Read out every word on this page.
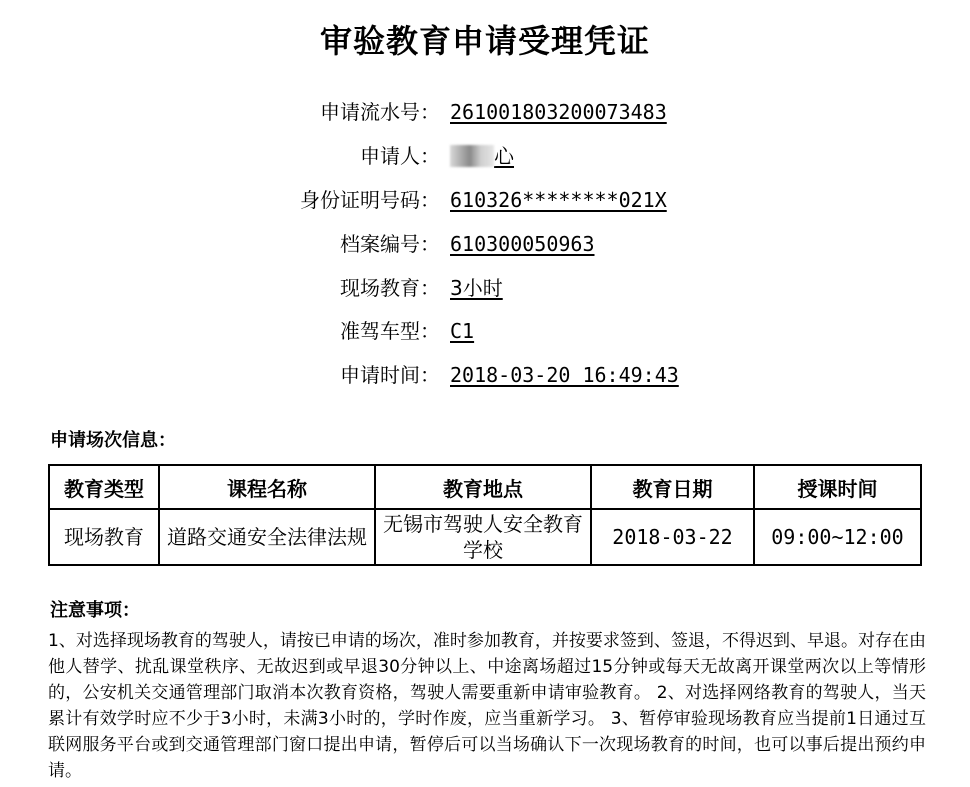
审验教育申请受理凭证
申请流水号： 261001803200073483
申请人：	心
身份证明号码： 610326********021X
档案编号： 610300050963
现场教育： 3小时
准驾车型： C1
申请时间： 2018-03-20 16:49:43
申请场次信息：
教育类型	课程名称	教育地点	教育日期	授课时间
现场教育	道路交通安全法律法规	无锡市驾驶人安全教育学校	2018-03-22	09:00~12:00
注意事项：
1、对选择现场教育的驾驶人，请按已申请的场次，准时参加教育，并按要求签到、签退，不得迟到、早退。对存在由他人替学、扰乱课堂秩序、无故迟到或早退30分钟以上、中途离场超过15分钟或每天无故离开课堂两次以上等情形的，公安机关交通管理部门取消本次教育资格，驾驶人需要重新申请审验教育。 2、对选择网络教育的驾驶人，当天累计有效学时应不少于3小时，未满3小时的，学时作废，应当重新学习。 3、暂停审验现场教育应当提前1日通过互联网服务平台或到交通管理部门窗口提出申请，暂停后可以当场确认下一次现场教育的时间，也可以事后提出预约申请。
